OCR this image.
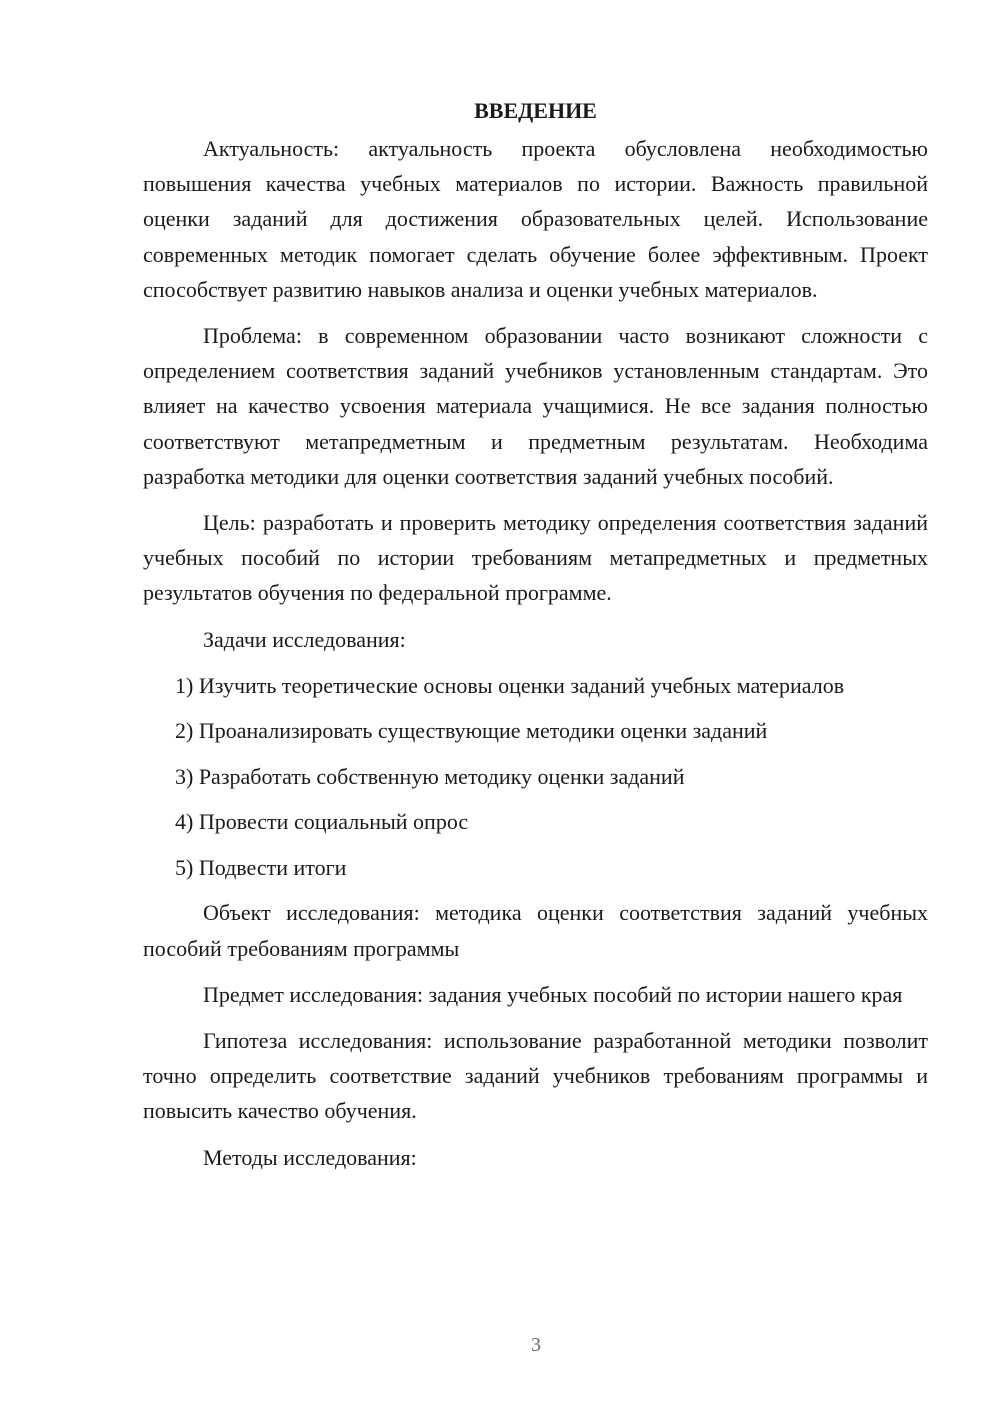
ВВЕДЕНИЕ

Актуальность: актуальность проекта обусловлена необходимостью повышения качества учебных материалов по истории. Важность правильной оценки заданий для достижения образовательных целей. Использование современных методик помогает сделать обучение более эффективным. Проект способствует развитию навыков анализа и оценки учебных материалов.

Проблема: в современном образовании часто возникают сложности с определением соответствия заданий учебников установленным стандартам. Это влияет на качество усвоения материала учащимися. Не все задания полностью соответствуют метапредметным и предметным результатам. Необходима разработка методики для оценки соответствия заданий учебных пособий.

Цель: разработать и проверить методику определения соответствия заданий учебных пособий по истории требованиям метапредметных и предметных результатов обучения по федеральной программе.

Задачи исследования:

1) Изучить теоретические основы оценки заданий учебных материалов
2) Проанализировать существующие методики оценки заданий
3) Разработать собственную методику оценки заданий
4) Провести социальный опрос
5) Подвести итоги

Объект исследования: методика оценки соответствия заданий учебных пособий требованиям программы

Предмет исследования: задания учебных пособий по истории нашего края

Гипотеза исследования: использование разработанной методики позволит точно определить соответствие заданий учебников требованиям программы и повысить качество обучения.

Методы исследования:

3
